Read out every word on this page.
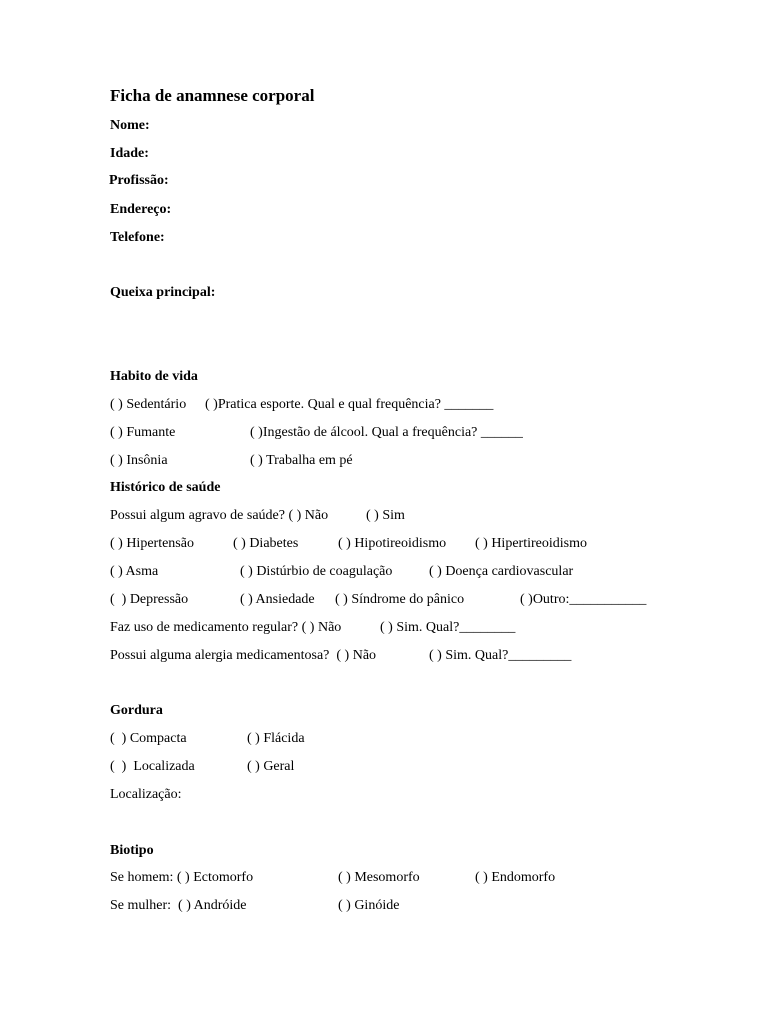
Ficha de anamnese corporal
Nome:
Idade:
Profissão:
Endereço:
Telefone:
Queixa principal:
Habito de vida
( ) Sedentário ( )Pratica esporte. Qual e qual frequência? _______
( ) Fumante	( )Ingestão de álcool. Qual a frequência? ______
( ) Insônia	( ) Trabalha em pé
Histórico de saúde
Possui algum agravo de saúde? ( ) Não	( ) Sim
( ) Hipertensão	( ) Diabetes	( ) Hipotireoidismo ( ) Hipertireoidismo
( ) Asma	( ) Distúrbio de coagulação	( ) Doença cardiovascular
(  ) Depressão	( ) Ansiedade ( ) Síndrome do pânico	( )Outro:___________
Faz uso de medicamento regular? ( ) Não	( ) Sim. Qual?________
Possui alguma alergia medicamentosa?  ( ) Não	( ) Sim. Qual?_________
Gordura
(  ) Compacta	( ) Flácida
(  )  Localizada	( ) Geral
Localização:
Biotipo
Se homem: ( ) Ectomorfo	( ) Mesomorfo	( ) Endomorfo
Se mulher:  ( ) Andróide	( ) Ginóide
